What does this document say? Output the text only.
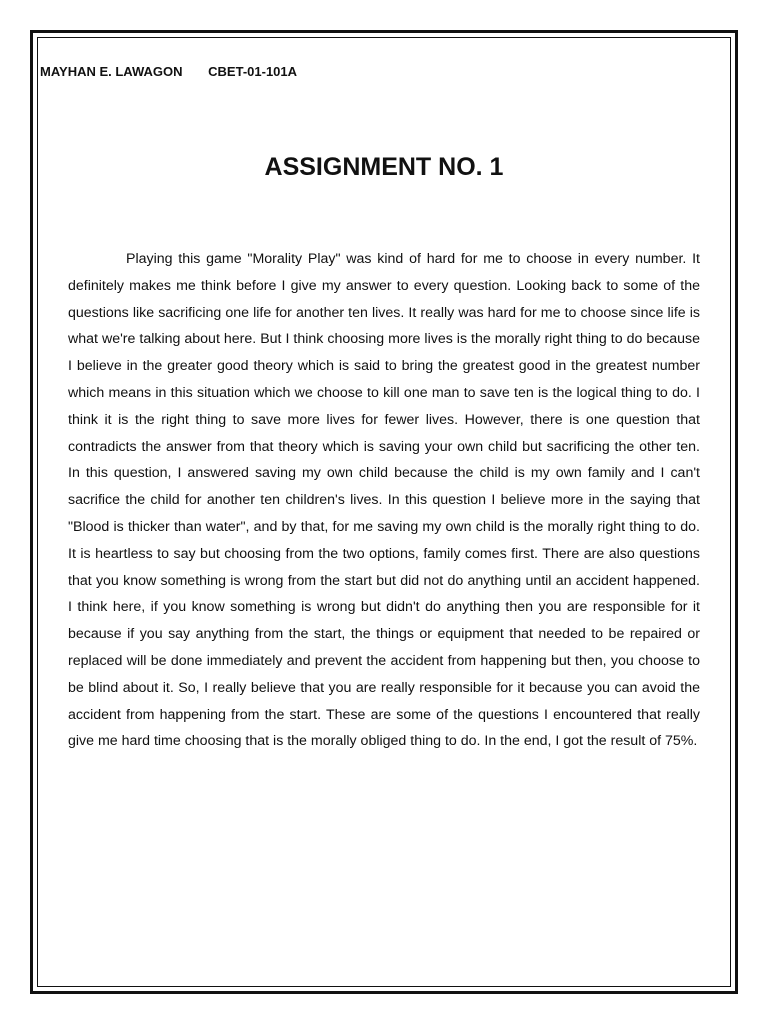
MAYHAN E. LAWAGON CBET-01-101A
ASSIGNMENT NO. 1

Playing this game "Morality Play" was kind of hard for me to choose in every number. It definitely makes me think before I give my answer to every question. Looking back to some of the questions like sacrificing one life for another ten lives. It really was hard for me to choose since life is what we're talking about here. But I think choosing more lives is the morally right thing to do because I believe in the greater good theory which is said to bring the greatest good in the greatest number which means in this situation which we choose to kill one man to save ten is the logical thing to do. I think it is the right thing to save more lives for fewer lives. However, there is one question that contradicts the answer from that theory which is saving your own child but sacrificing the other ten. In this question, I answered saving my own child because the child is my own family and I can't sacrifice the child for another ten children's lives. In this question I believe more in the saying that "Blood is thicker than water", and by that, for me saving my own child is the morally right thing to do. It is heartless to say but choosing from the two options, family comes first. There are also questions that you know something is wrong from the start but did not do anything until an accident happened. I think here, if you know something is wrong but didn't do anything then you are responsible for it because if you say anything from the start, the things or equipment that needed to be repaired or replaced will be done immediately and prevent the accident from happening but then, you choose to be blind about it. So, I really believe that you are really responsible for it because you can avoid the accident from happening from the start. These are some of the questions I encountered that really give me hard time choosing that is the morally obliged thing to do. In the end, I got the result of 75%.
